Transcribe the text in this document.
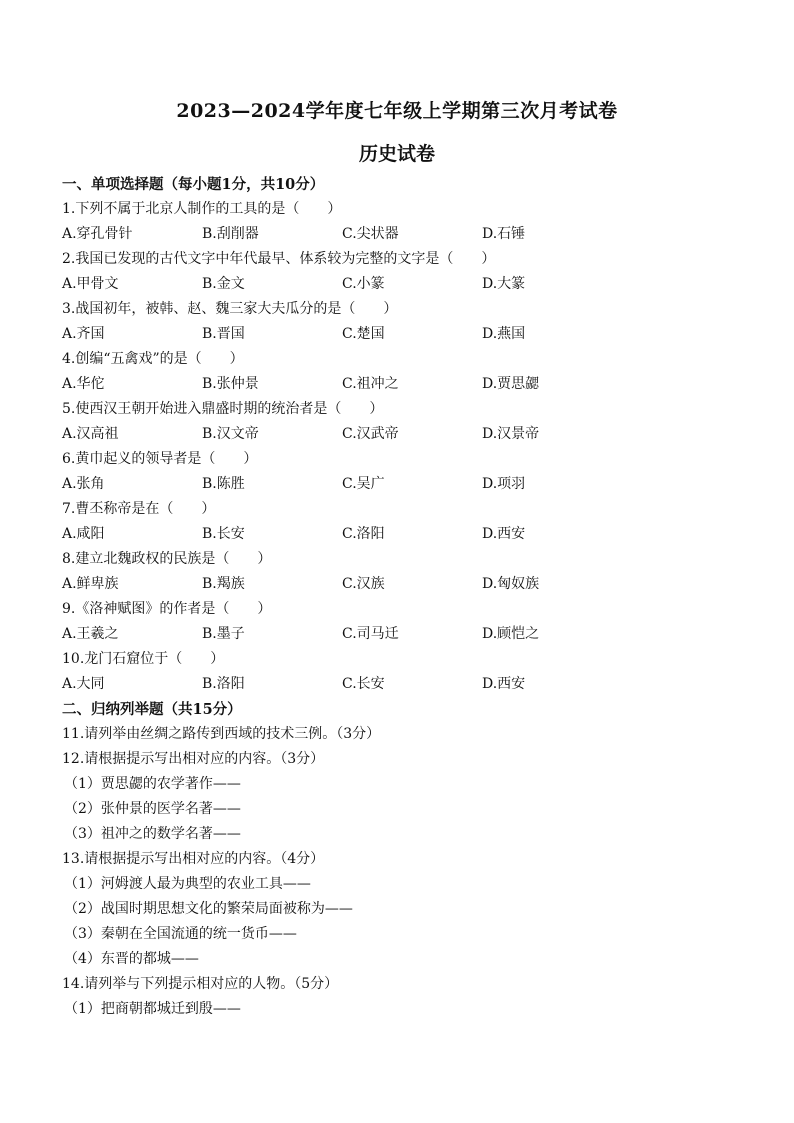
2023—2024学年度七年级上学期第三次月考试卷
历史试卷
一、单项选择题（每小题1分，共10分）
1.下列不属于北京人制作的工具的是（　　）
A.穿孔骨针	B.刮削器	C.尖状器	D.石锤
2.我国已发现的古代文字中年代最早、体系较为完整的文字是（　　）
A.甲骨文	B.金文	C.小篆	D.大篆
3.战国初年，被韩、赵、魏三家大夫瓜分的是（　　）
A.齐国	B.晋国	C.楚国	D.燕国
4.创编“五禽戏”的是（　　）
A.华佗	B.张仲景	C.祖冲之	D.贾思勰
5.使西汉王朝开始进入鼎盛时期的统治者是（　　）
A.汉高祖	B.汉文帝	C.汉武帝	D.汉景帝
6.黄巾起义的领导者是（　　）
A.张角	B.陈胜	C.吴广	D.项羽
7.曹丕称帝是在（　　）
A.咸阳	B.长安	C.洛阳	D.西安
8.建立北魏政权的民族是（　　）
A.鲜卑族	B.羯族	C.汉族	D.匈奴族
9.《洛神赋图》的作者是（　　）
A.王羲之	B.墨子	C.司马迁	D.顾恺之
10.龙门石窟位于（　　）
A.大同	B.洛阳	C.长安	D.西安
二、归纳列举题（共15分）
11.请列举由丝绸之路传到西域的技术三例。（3分）
12.请根据提示写出相对应的内容。（3分）
（1）贾思勰的农学著作——
（2）张仲景的医学名著——
（3）祖冲之的数学名著——
13.请根据提示写出相对应的内容。（4分）
（1）河姆渡人最为典型的农业工具——
（2）战国时期思想文化的繁荣局面被称为——
（3）秦朝在全国流通的统一货币——
（4）东晋的都城——
14.请列举与下列提示相对应的人物。（5分）
（1）把商朝都城迁到殷——
